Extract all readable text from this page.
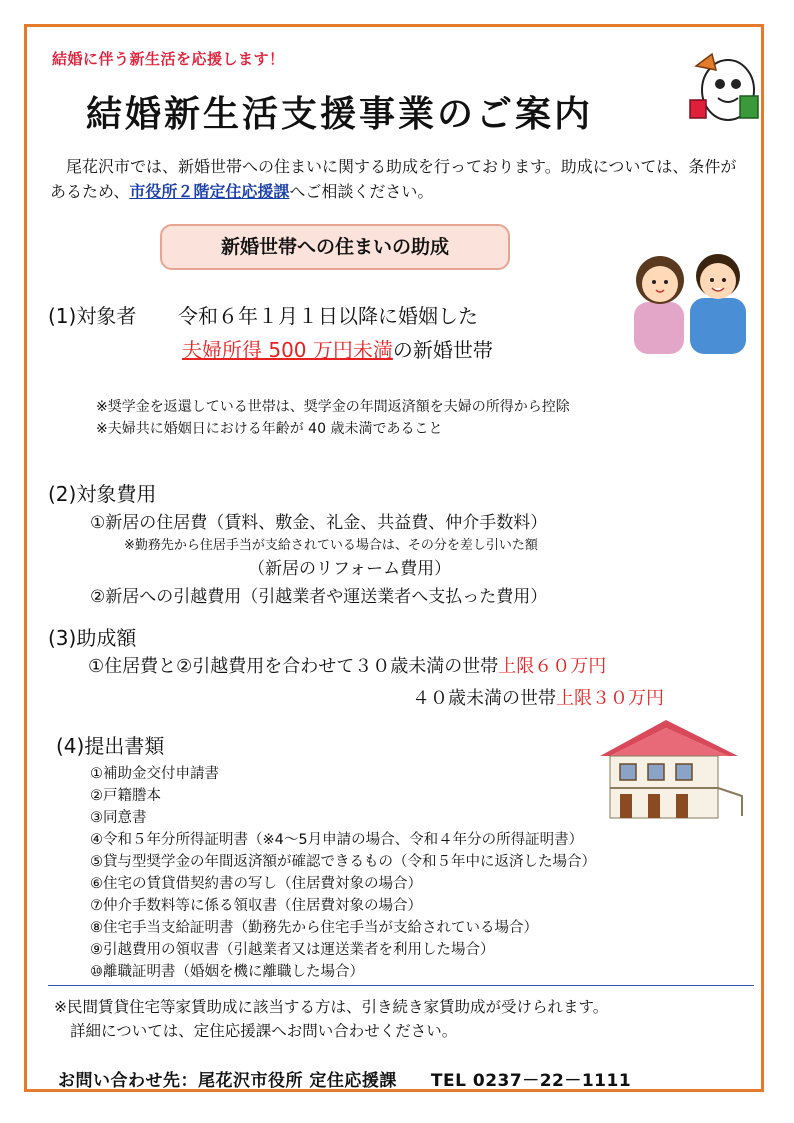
結婚に伴う新生活を応援します！
結婚新生活支援事業のご案内
尾花沢市では、新婚世帯への住まいに関する助成を行っております。助成については、条件があるため、市役所２階定住応援課へご相談ください。
新婚世帯への住まいの助成
(1)対象者 令和６年１月１日以降に婚姻した
夫婦所得 500 万円未満の新婚世帯
※奨学金を返還している世帯は、奨学金の年間返済額を夫婦の所得から控除
※夫婦共に婚姻日における年齢が 40 歳未満であること
(2)対象費用
①新居の住居費（賃料、敷金、礼金、共益費、仲介手数料）
※勤務先から住居手当が支給されている場合は、その分を差し引いた額
（新居のリフォーム費用）
②新居への引越費用（引越業者や運送業者へ支払った費用）
(3)助成額
①住居費と②引越費用を合わせて３０歳未満の世帯上限６０万円
４０歳未満の世帯上限３０万円
(4)提出書類
①補助金交付申請書
②戸籍謄本
③同意書
④令和５年分所得証明書（※4～5月申請の場合、令和４年分の所得証明書）
⑤貸与型奨学金の年間返済額が確認できるもの（令和５年中に返済した場合）
⑥住宅の賃貸借契約書の写し（住居費対象の場合）
⑦仲介手数料等に係る領収書（住居費対象の場合）
⑧住宅手当支給証明書（勤務先から住宅手当が支給されている場合）
⑨引越費用の領収書（引越業者又は運送業者を利用した場合）
⑩離職証明書（婚姻を機に離職した場合）
※民間賃貸住宅等家賃助成に該当する方は、引き続き家賃助成が受けられます。
詳細については、定住応援課へお問い合わせください。
お問い合わせ先：尾花沢市役所 定住応援課 TEL 0237－22－1111
